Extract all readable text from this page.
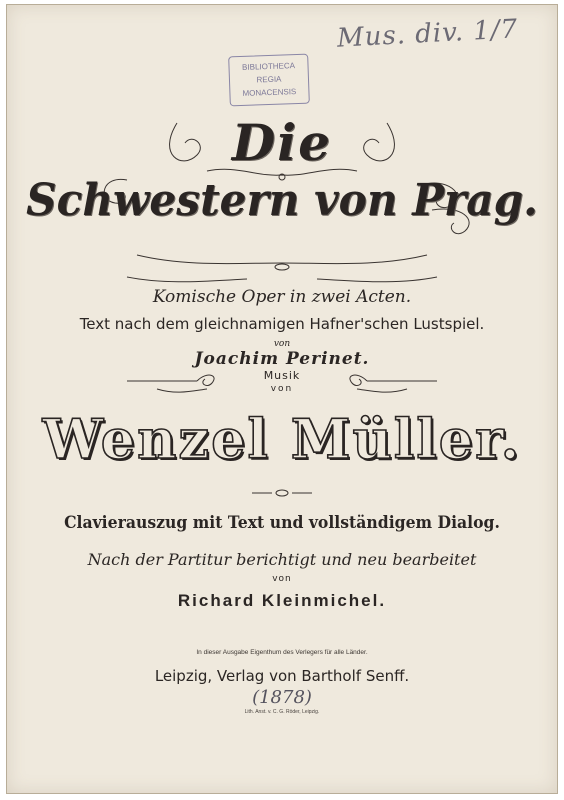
Mus. div. 1/7
BIBLIOTHECA
REGIA
MONACENSIS
Die
Schwestern von Prag.
Komische Oper in zwei Acten.
Text nach dem gleichnamigen Hafner'schen Lustspiel.
von
Joachim Perinet.
Musik
von
Wenzel Müller.
Clavierauszug mit Text und vollständigem Dialog.
Nach der Partitur berichtigt und neu bearbeitet
von
Richard Kleinmichel.
In dieser Ausgabe Eigenthum des Verlegers für alle Länder.
Leipzig, Verlag von Bartholf Senff.
(1878)
Lith. Anst. v. C. G. Röder, Leipzig.
